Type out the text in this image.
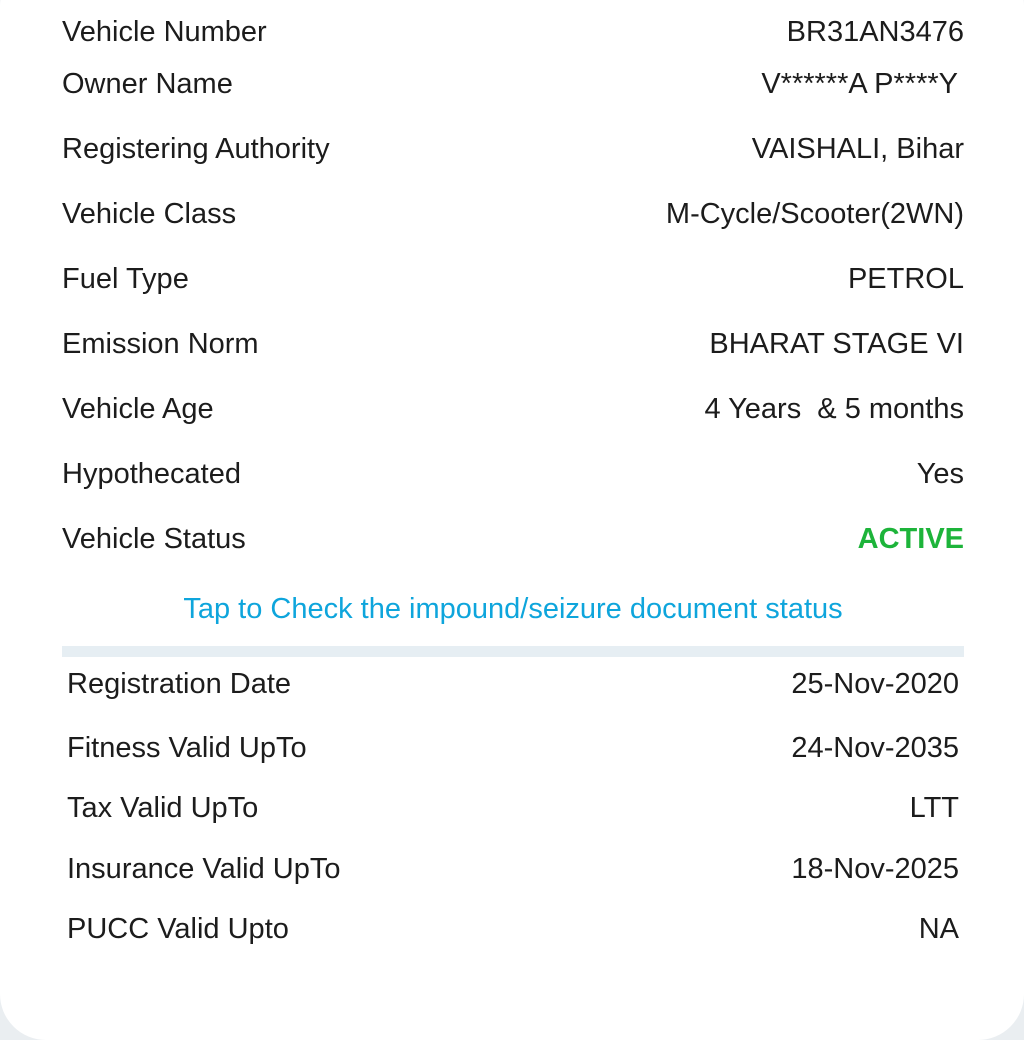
Vehicle Number	BR31AN3476
Owner Name	V******A P****Y
Registering Authority	VAISHALI, Bihar
Vehicle Class	M-Cycle/Scooter(2WN)
Fuel Type	PETROL
Emission Norm	BHARAT STAGE VI
Vehicle Age	4 Years  & 5 months
Hypothecated	Yes
Vehicle Status	ACTIVE
Tap to Check the impound/seizure document status
Registration Date	25-Nov-2020
Fitness Valid UpTo	24-Nov-2035
Tax Valid UpTo	LTT
Insurance Valid UpTo	18-Nov-2025
PUCC Valid Upto	NA
